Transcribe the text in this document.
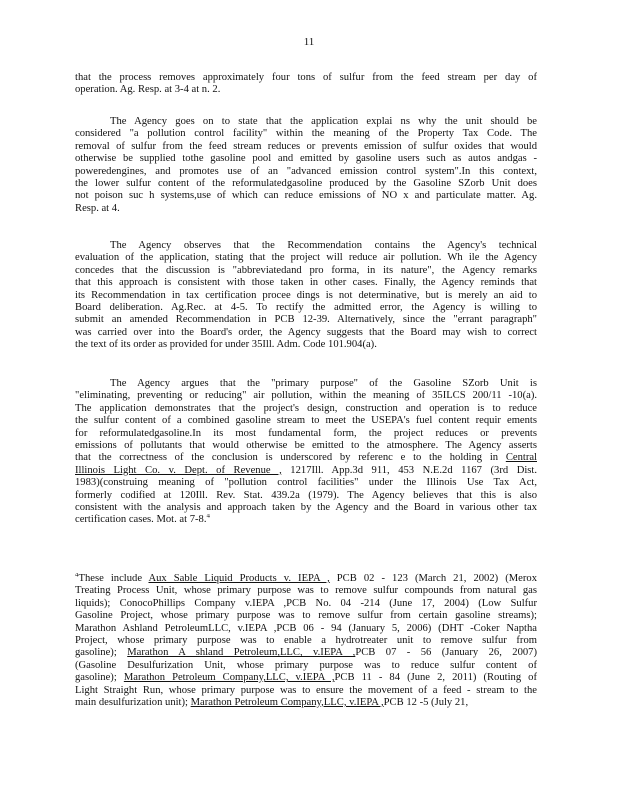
11
that the process removes approximately four tons of sulfur from the feed stream per day of
operation. Ag. Resp. at 3-4 at n. 2.
The Agency goes on to state that the application explai ns why the unit should be
considered "a pollution control facility" within the meaning of the Property Tax Code. The
removal of sulfur from the feed stream reduces or prevents emission of sulfur oxides that would
otherwise be supplied tothe gasoline pool and emitted by gasoline users such as autos andgas -
poweredengines, and promotes use of an "advanced emission control system".In this context,
the lower sulfur content of the reformulatedgasoline produced by the Gasoline SZorb Unit does
not poison suc h systems,use of which can reduce emissions of NO x and particulate matter. Ag.
Resp. at 4.
The Agency observes that the Recommendation contains the Agency's technical
evaluation of the application, stating that the project will reduce air pollution. Wh ile the Agency
concedes that the discussion is "abbreviatedand pro forma, in its nature", the Agency remarks
that this approach is consistent with those taken in other cases. Finally, the Agency reminds that
its Recommendation in tax certification procee dings is not determinative, but is merely an aid to
Board deliberation. Ag.Rec. at 4-5. To rectify the admitted error, the Agency is willing to
submit an amended Recommendation in PCB 12-39. Alternatively, since the "errant paragraph"
was carried over into the Board's order, the Agency suggests that the Board may wish to correct
the text of its order as provided for under 35Ill. Adm. Code 101.904(a).
The Agency argues that the "primary purpose" of the Gasoline SZorb Unit is
"eliminating, preventing or reducing" air pollution, within the meaning of 35ILCS 200/11 -10(a).
The application demonstrates that the project's design, construction and operation is to reduce
the sulfur content of a combined gasoline stream to meet the USEPA's fuel content requir ements
for reformulatedgasoline.In its most fundamental form, the project reduces or prevents
emissions of pollutants that would otherwise be emitted to the atmosphere. The Agency asserts
that the correctness of the conclusion is underscored by referenc e to the holding in Central
Illinois Light Co. v. Dept. of Revenue , 1217Ill. App.3d 911, 453 N.E.2d 1167 (3rd Dist.
1983)(construing meaning of "pollution control facilities" under the Illinois Use Tax Act,
formerly codified at 120Ill. Rev. Stat. 439.2a (1979). The Agency believes that this is also
consistent with the analysis and approach taken by the Agency and the Board in various other tax
certification cases. Mot. at 7-8.$^4$
$^4$These include Aux Sable Liquid Products v. IEPA , PCB 02 - 123 (March 21, 2002) (Merox
Treating Process Unit, whose primary purpose was to remove sulfur compounds from natural gas
liquids); ConocoPhillips Company v.IEPA ,PCB No. 04 -214 (June 17, 2004) (Low Sulfur
Gasoline Project, whose primary purpose was to remove sulfur from certain gasoline streams);
Marathon Ashland PetroleumLLC, v.IEPA ,PCB 06 - 94 (January 5, 2006) (DHT -Coker Naptha
Project, whose primary purpose was to enable a hydrotreater unit to remove sulfur from
gasoline); Marathon A shland Petroleum,LLC, v.IEPA ,PCB 07 - 56 (January 26, 2007)
(Gasoline Desulfurization Unit, whose primary purpose was to reduce sulfur content of
gasoline); Marathon Petroleum Company,LLC, v.IEPA ,PCB 11 - 84 (June 2, 2011) (Routing of
Light Straight Run, whose primary purpose was to ensure the movement of a feed - stream to the
main desulfurization unit); Marathon Petroleum Company,LLC, v.IEPA ,PCB 12 -5 (July 21,
